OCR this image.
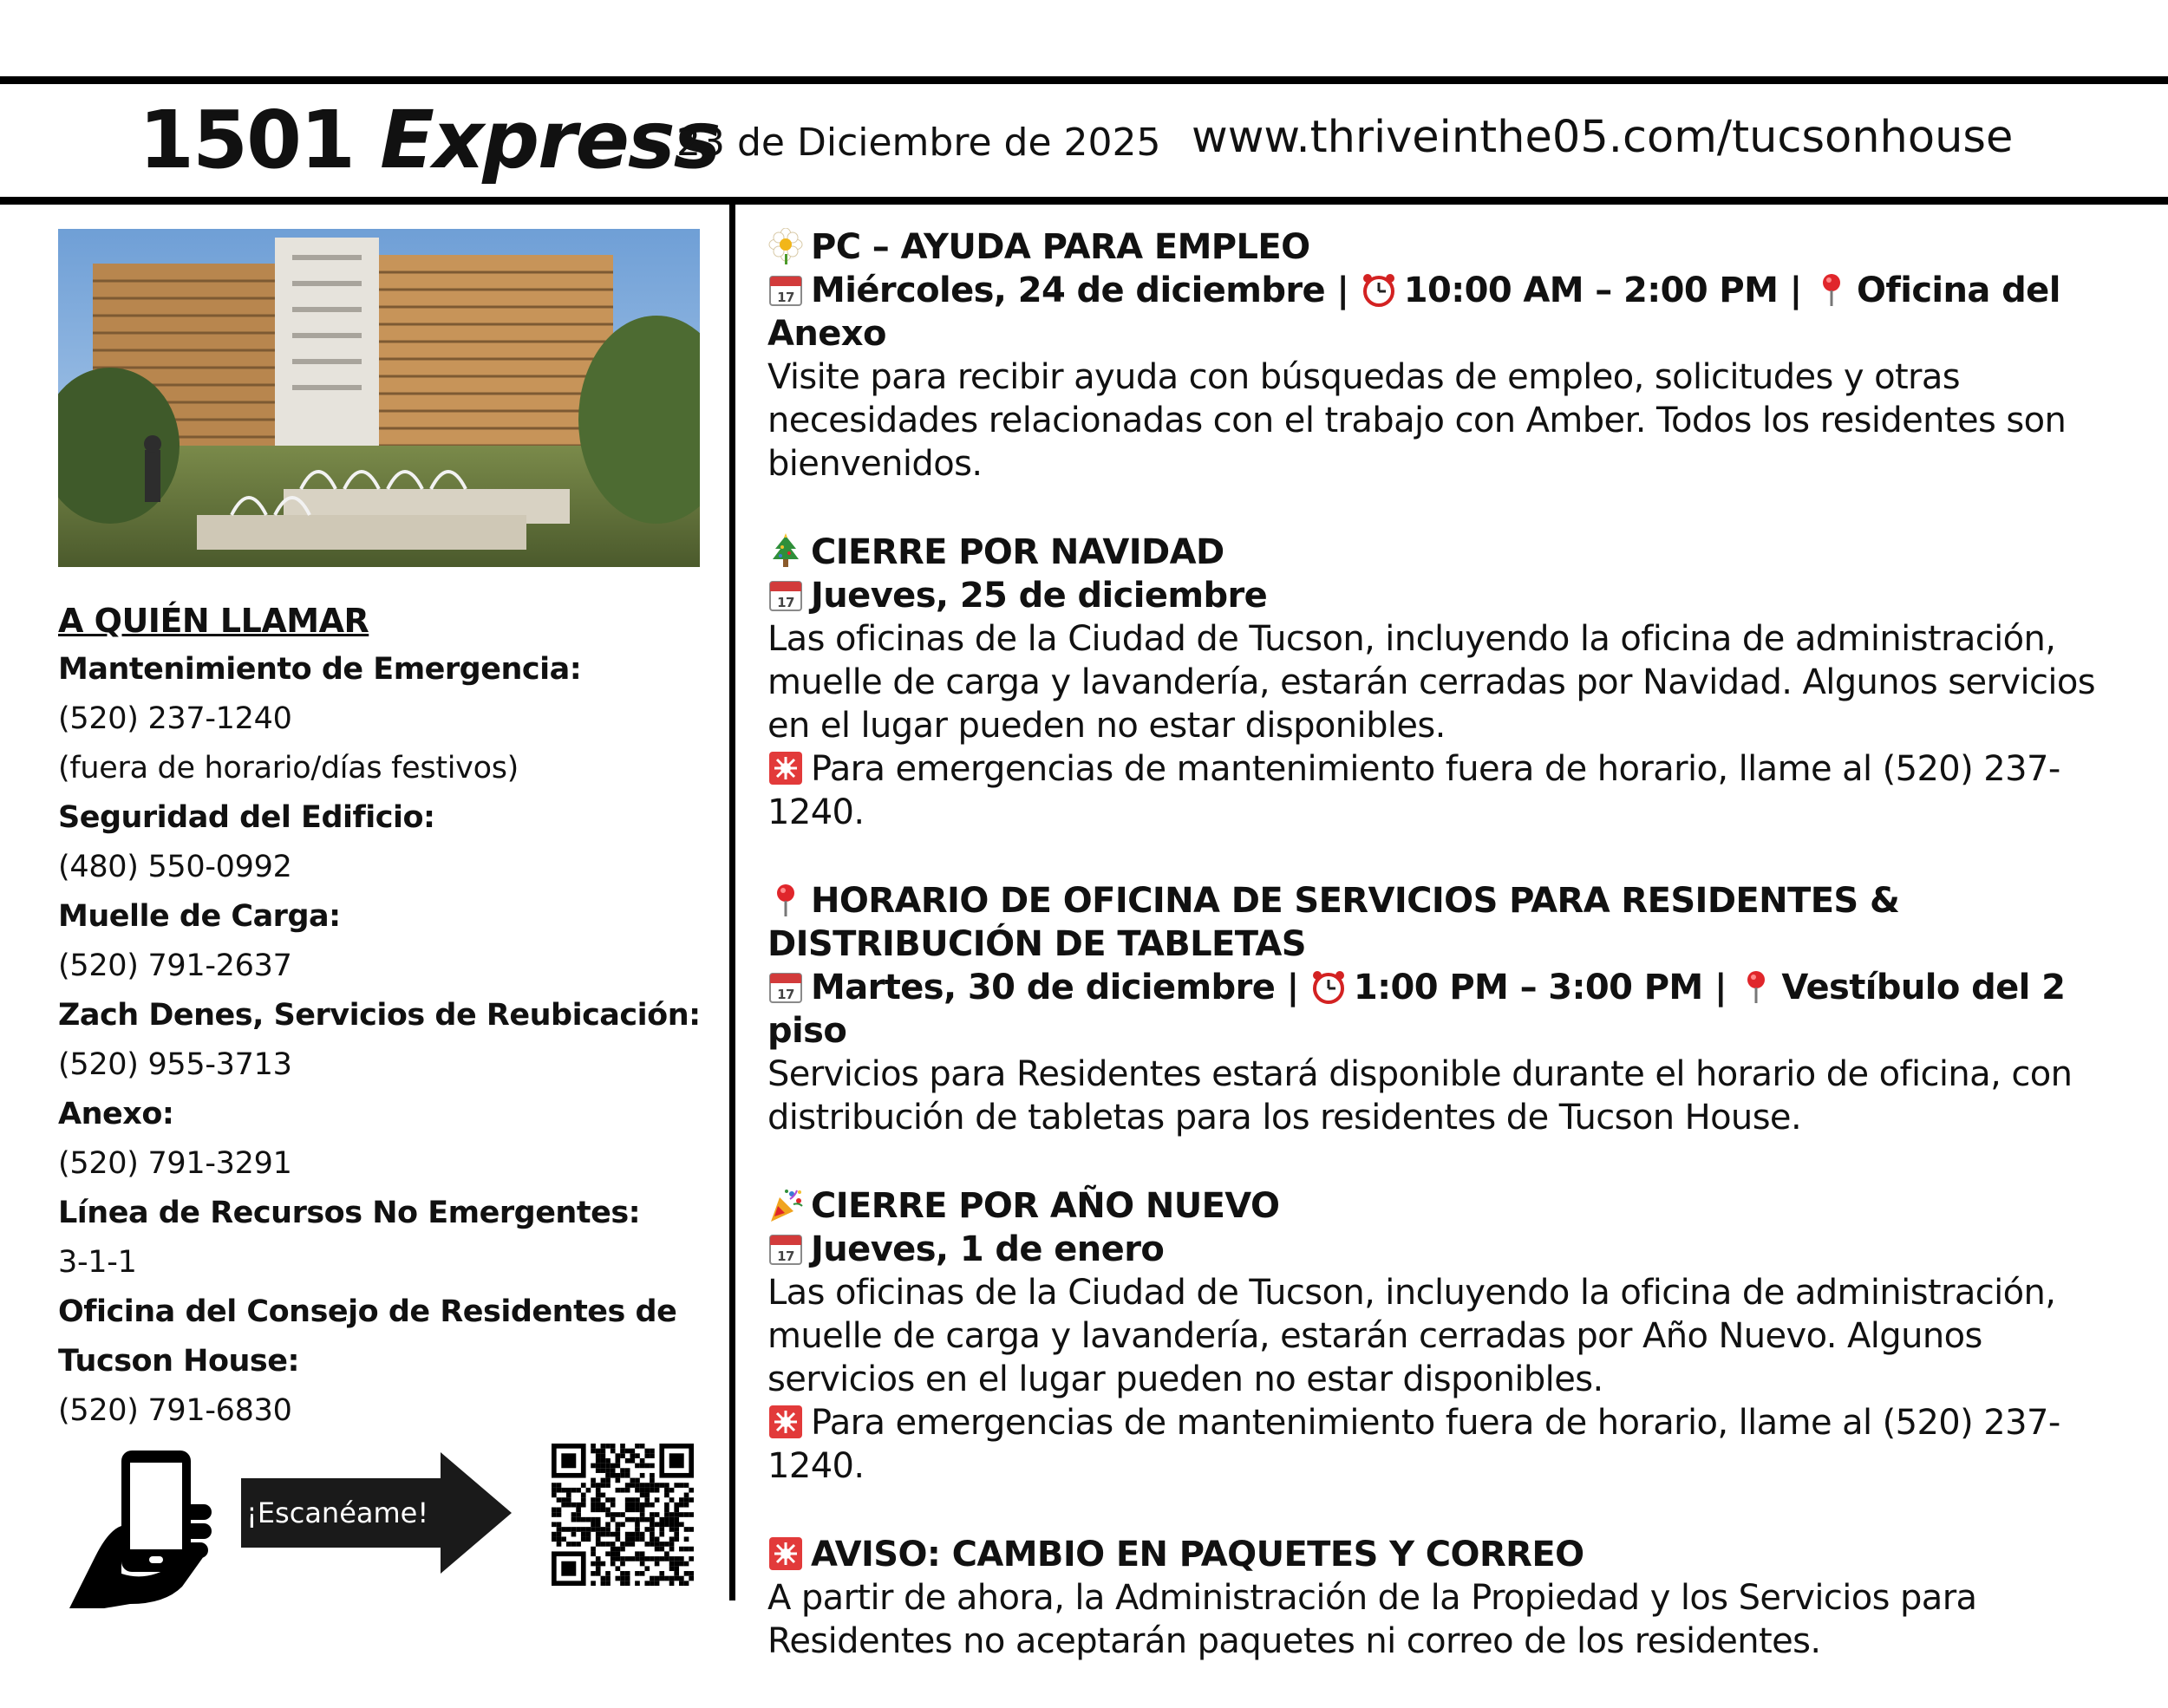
1501 Express
23 de Diciembre de 2025 www.thriveinthe05.com/tucsonhouse
A QUIÉN LLAMAR
Mantenimiento de Emergencia:
(520) 237-1240
(fuera de horario/días festivos)
Seguridad del Edificio:
(480) 550-0992
Muelle de Carga:
(520) 791-2637
Zach Denes, Servicios de Reubicación:
(520) 955-3713
Anexo:
(520) 791-3291
Línea de Recursos No Emergentes:
3-1-1
Oficina del Consejo de Residentes de Tucson House:
(520) 791-6830
¡Escanéame!
PC – AYUDA PARA EMPLEO
17 Miércoles, 24 de diciembre |
10:00 AM – 2:00 PM |
Oficina del Anexo
Visite para recibir ayuda con búsquedas de empleo, solicitudes y otras necesidades relacionadas con el trabajo con Amber. Todos los residentes son bienvenidos.
CIERRE POR NAVIDAD
17 Jueves, 25 de diciembre
Las oficinas de la Ciudad de Tucson, incluyendo la oficina de administración, muelle de carga y lavandería, estarán cerradas por Navidad. Algunos servicios en el lugar pueden no estar disponibles.
Para emergencias de mantenimiento fuera de horario, llame al (520) 237-1240.
HORARIO DE OFICINA DE SERVICIOS PARA RESIDENTES & DISTRIBUCIÓN DE TABLETAS
17 Martes, 30 de diciembre |
1:00 PM – 3:00 PM |
Vestíbulo del 2 piso
Servicios para Residentes estará disponible durante el horario de oficina, con distribución de tabletas para los residentes de Tucson House.
CIERRE POR AÑO NUEVO
17 Jueves, 1 de enero
Las oficinas de la Ciudad de Tucson, incluyendo la oficina de administración, muelle de carga y lavandería, estarán cerradas por Año Nuevo. Algunos servicios en el lugar pueden no estar disponibles.
Para emergencias de mantenimiento fuera de horario, llame al (520) 237-1240.
AVISO: CAMBIO EN PAQUETES Y CORREO
A partir de ahora, la Administración de la Propiedad y los Servicios para Residentes no aceptarán paquetes ni correo de los residentes.
